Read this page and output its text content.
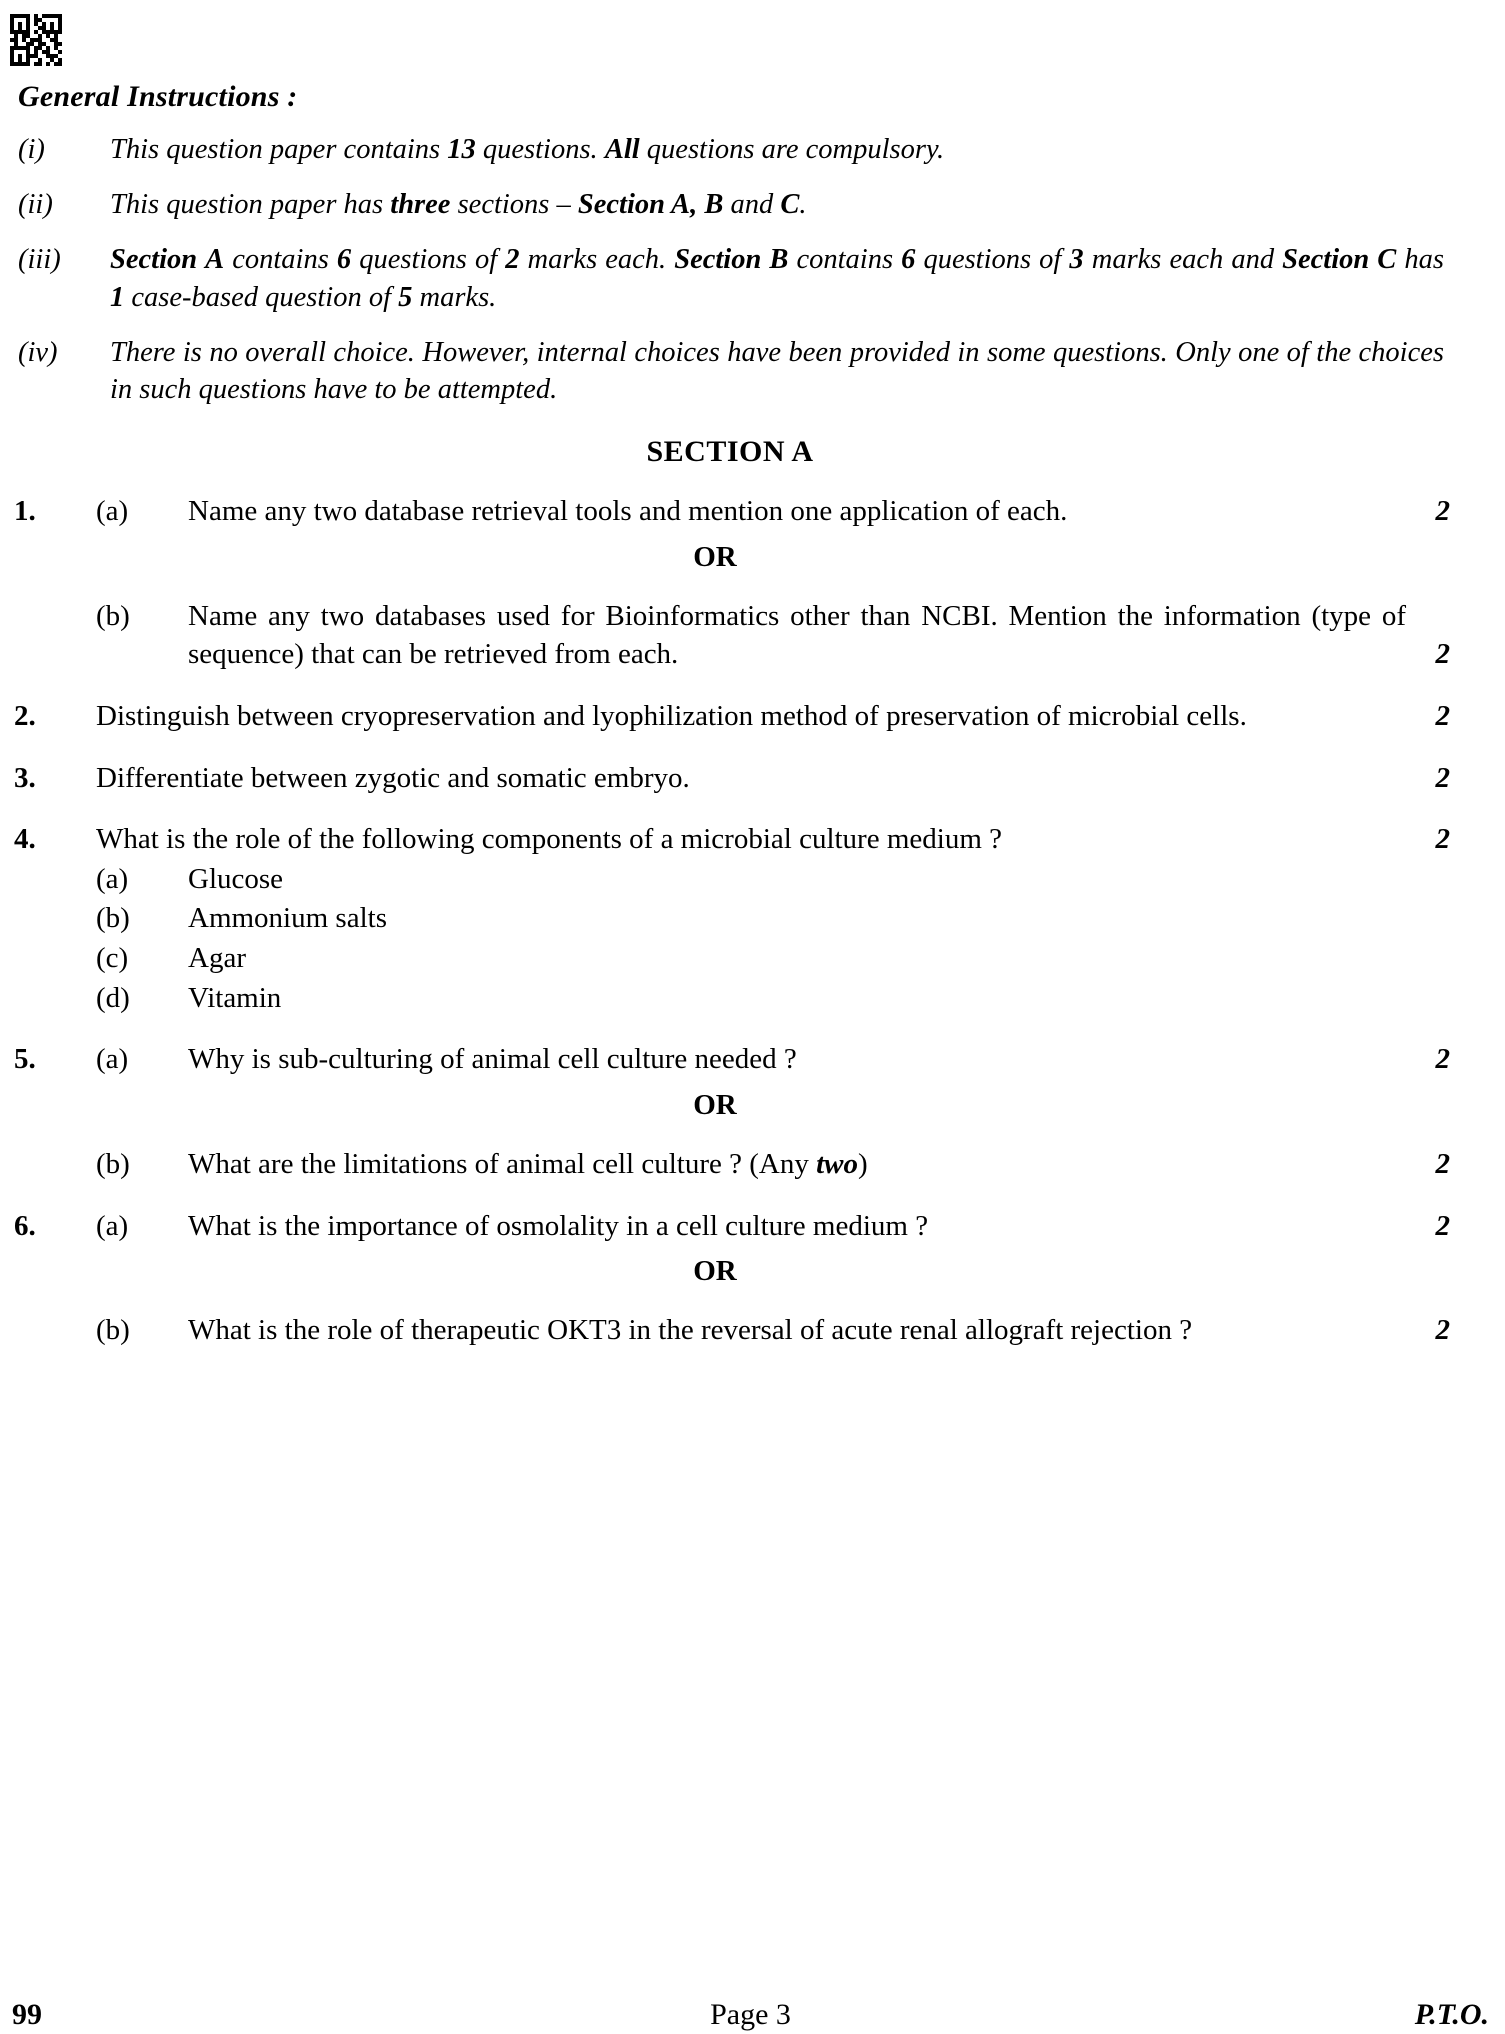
General Instructions :
(i)	This question paper contains 13 questions. All questions are compulsory.
(ii)	This question paper has three sections – Section A, B and C.
(iii)	Section A contains 6 questions of 2 marks each. Section B contains 6 questions of 3 marks each and Section C has 1 case-based question of 5 marks.
(iv)	There is no overall choice. However, internal choices have been provided in some questions. Only one of the choices in such questions have to be attempted.
SECTION A
1.	(a)	Name any two database retrieval tools and mention one application of each.	2
OR
(b)	Name any two databases used for Bioinformatics other than NCBI. Mention the information (type of sequence) that can be retrieved from each.	2
2.	Distinguish between cryopreservation and lyophilization method of preservation of microbial cells.	2
3.	Differentiate between zygotic and somatic embryo.	2
4.	What is the role of the following components of a microbial culture medium ?	2
(a)	Glucose
(b)	Ammonium salts
(c)	Agar
(d)	Vitamin
5.	(a)	Why is sub-culturing of animal cell culture needed ?	2
OR
(b)	What are the limitations of animal cell culture ? (Any two)	2
6.	(a)	What is the importance of osmolality in a cell culture medium ?	2
OR
(b)	What is the role of therapeutic OKT3 in the reversal of acute renal allograft rejection ?	2
99	Page 3	P.T.O.
